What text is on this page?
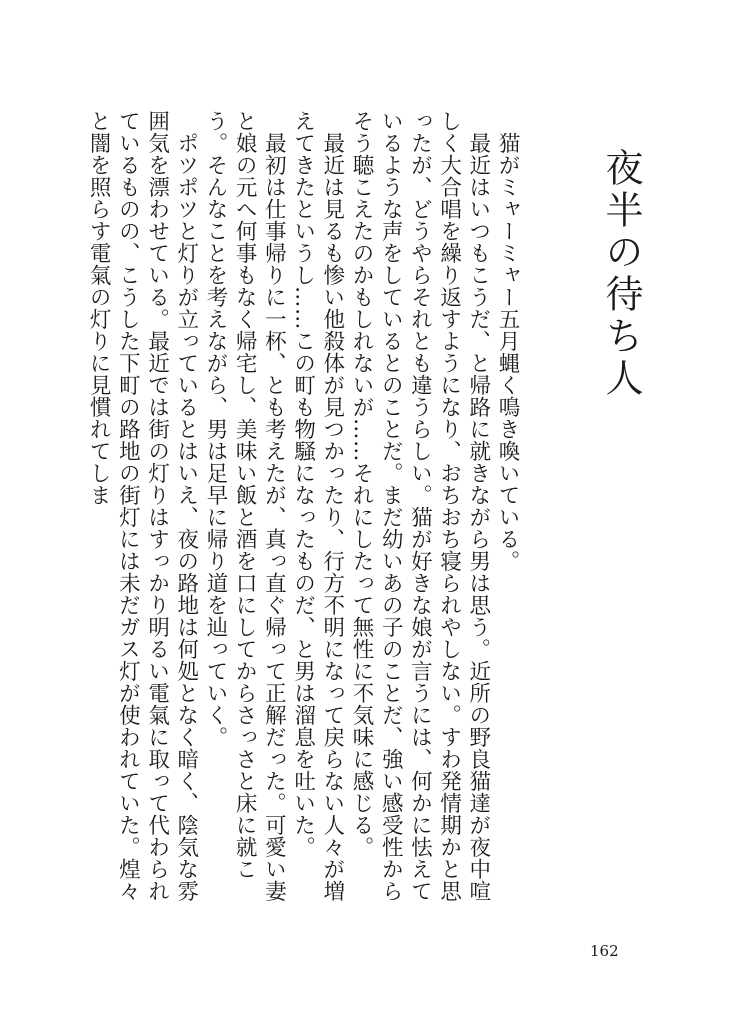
夜半の待ち人

猫がミャーミャー五月蝿く鳴き喚いている。

最近はいつもこうだ、と帰路に就きながら男は思う。近所の野良猫達が夜中喧しく大合唱を繰り返すようになり、おちおち寝られやしない。すわ発情期かと思ったが、どうやらそれとも違うらしい。猫が好きな娘が言うには、何かに怯えているような声をしているとのことだ。まだ幼いあの子のことだ、強い感受性からそう聴こえたのかもしれないが……それにしたって無性に不気味に感じる。

最近は見るも惨い他殺体が見つかったり、行方不明になって戻らない人々が増えてきたというし……この町も物騒になったものだ、と男は溜息を吐いた。

最初は仕事帰りに一杯、とも考えたが、真っ直ぐ帰って正解だった。可愛い妻と娘の元へ何事もなく帰宅し、美味い飯と酒を口にしてからさっさと床に就こう。そんなことを考えながら、男は足早に帰り道を辿っていく。

ポツポツと灯りが立っているとはいえ、夜の路地は何処となく暗く、陰気な雰囲気を漂わせている。最近では街の灯りはすっかり明るい電氣に取って代わられているものの、こうした下町の路地の街灯には未だガス灯が使われていた。煌々と闇を照らす電氣の灯りに見慣れてしま

162
